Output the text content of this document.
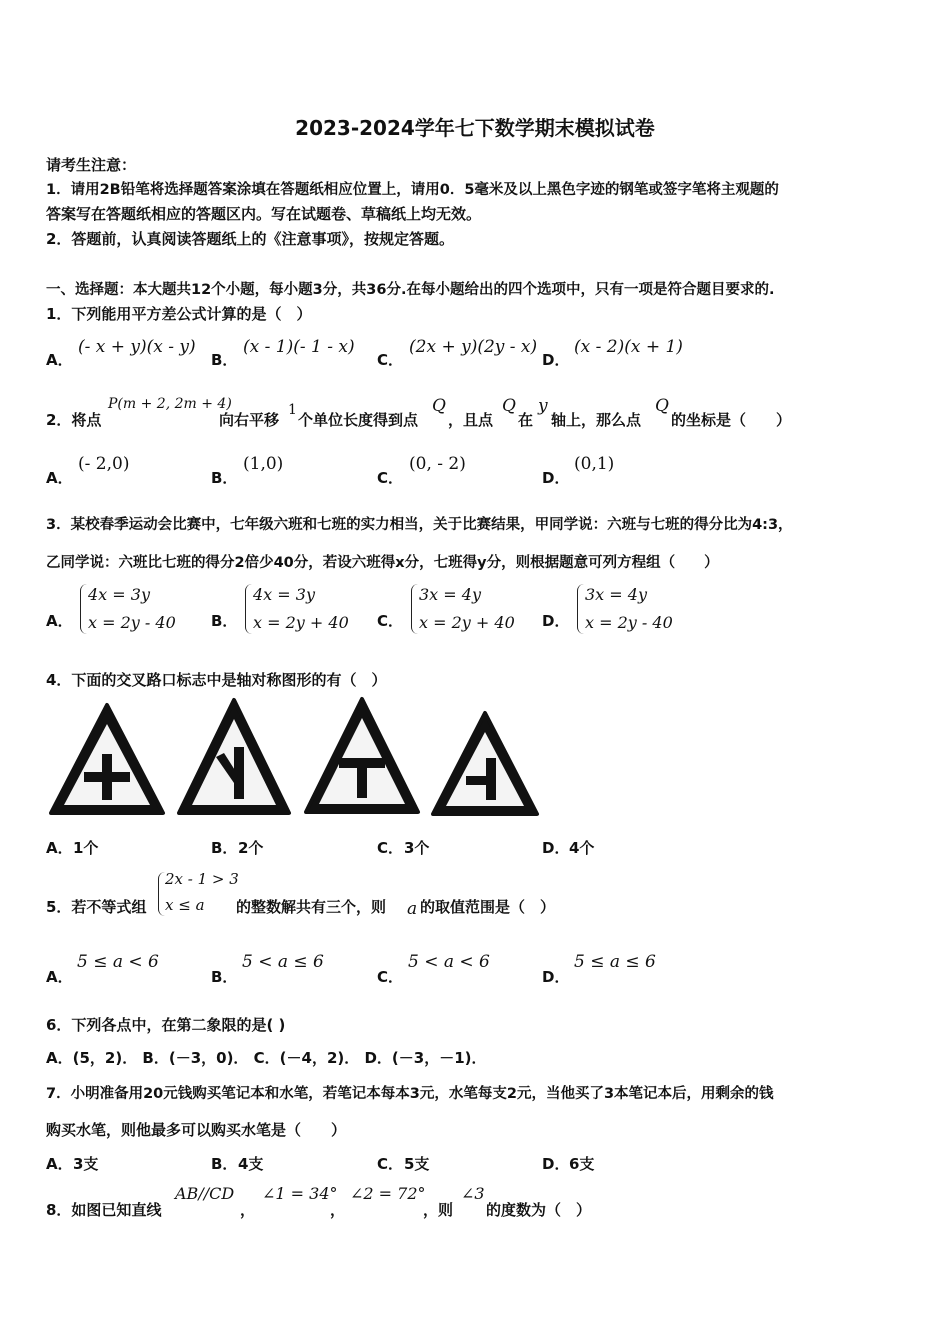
2023-2024学年七下数学期末模拟试卷
请考生注意：
1．请用2B铅笔将选择题答案涂填在答题纸相应位置上，请用0．5毫米及以上黑色字迹的钢笔或签字笔将主观题的
答案写在答题纸相应的答题区内。写在试题卷、草稿纸上均无效。
2．答题前，认真阅读答题纸上的《注意事项》，按规定答题。
一、选择题：本大题共12个小题，每小题3分，共36分.在每小题给出的四个选项中，只有一项是符合题目要求的.
1．下列能用平方差公式计算的是（　）
A．
(- x + y)(x - y)
B．
(x - 1)(- 1 - x)
C．
(2x + y)(2y - x)
D．
(x - 2)(x + 1)
2．将点
P(m + 2, 2m + 4)
向右平移
1
个单位长度得到点
Q
，且点
Q
在
y
轴上，那么点
Q
的坐标是（　　）
A．
(- 2,0)
B．
(1,0)
C．
(0, - 2)
D．
(0,1)
3．某校春季运动会比赛中，七年级六班和七班的实力相当，关于比赛结果，甲同学说：六班与七班的得分比为4:3，
乙同学说：六班比七班的得分2倍少40分，若设六班得x分，七班得y分，则根据题意可列方程组（　　）
A．
4x = 3y
x = 2y - 40 B．
4x = 3y
x = 2y + 40 C．
3x = 4y
x = 2y + 40 D．
3x = 4y
x = 2y - 40
4．下面的交叉路口标志中是轴对称图形的有（　）
A． 1个	B． 2个	C． 3个	D． 4个
5．若不等式组
2x - 1 > 3
x ≤ a	的整数解共有三个，则 a 的取值范围是（　）
A．
5 ≤ a < 6
B．
5 < a ≤ 6
C．
5 < a < 6
D．
5 ≤ a ≤ 6
6．下列各点中，在第二象限的是( )
A．(5，2)． B．(－3，0)． C．(－4，2)． D．(－3，－1)．
7．小明准备用20元钱购买笔记本和水笔，若笔记本每本3元，水笔每支2元，当他买了3本笔记本后，用剩余的钱
购买水笔，则他最多可以购买水笔是（　　）
A． 3支	B． 4支	C． 5支	D． 6支
8．如图已知直线
AB//CD
，
∠1 = 34°
，
∠2 = 72°
，则
∠3
的度数为（　）
